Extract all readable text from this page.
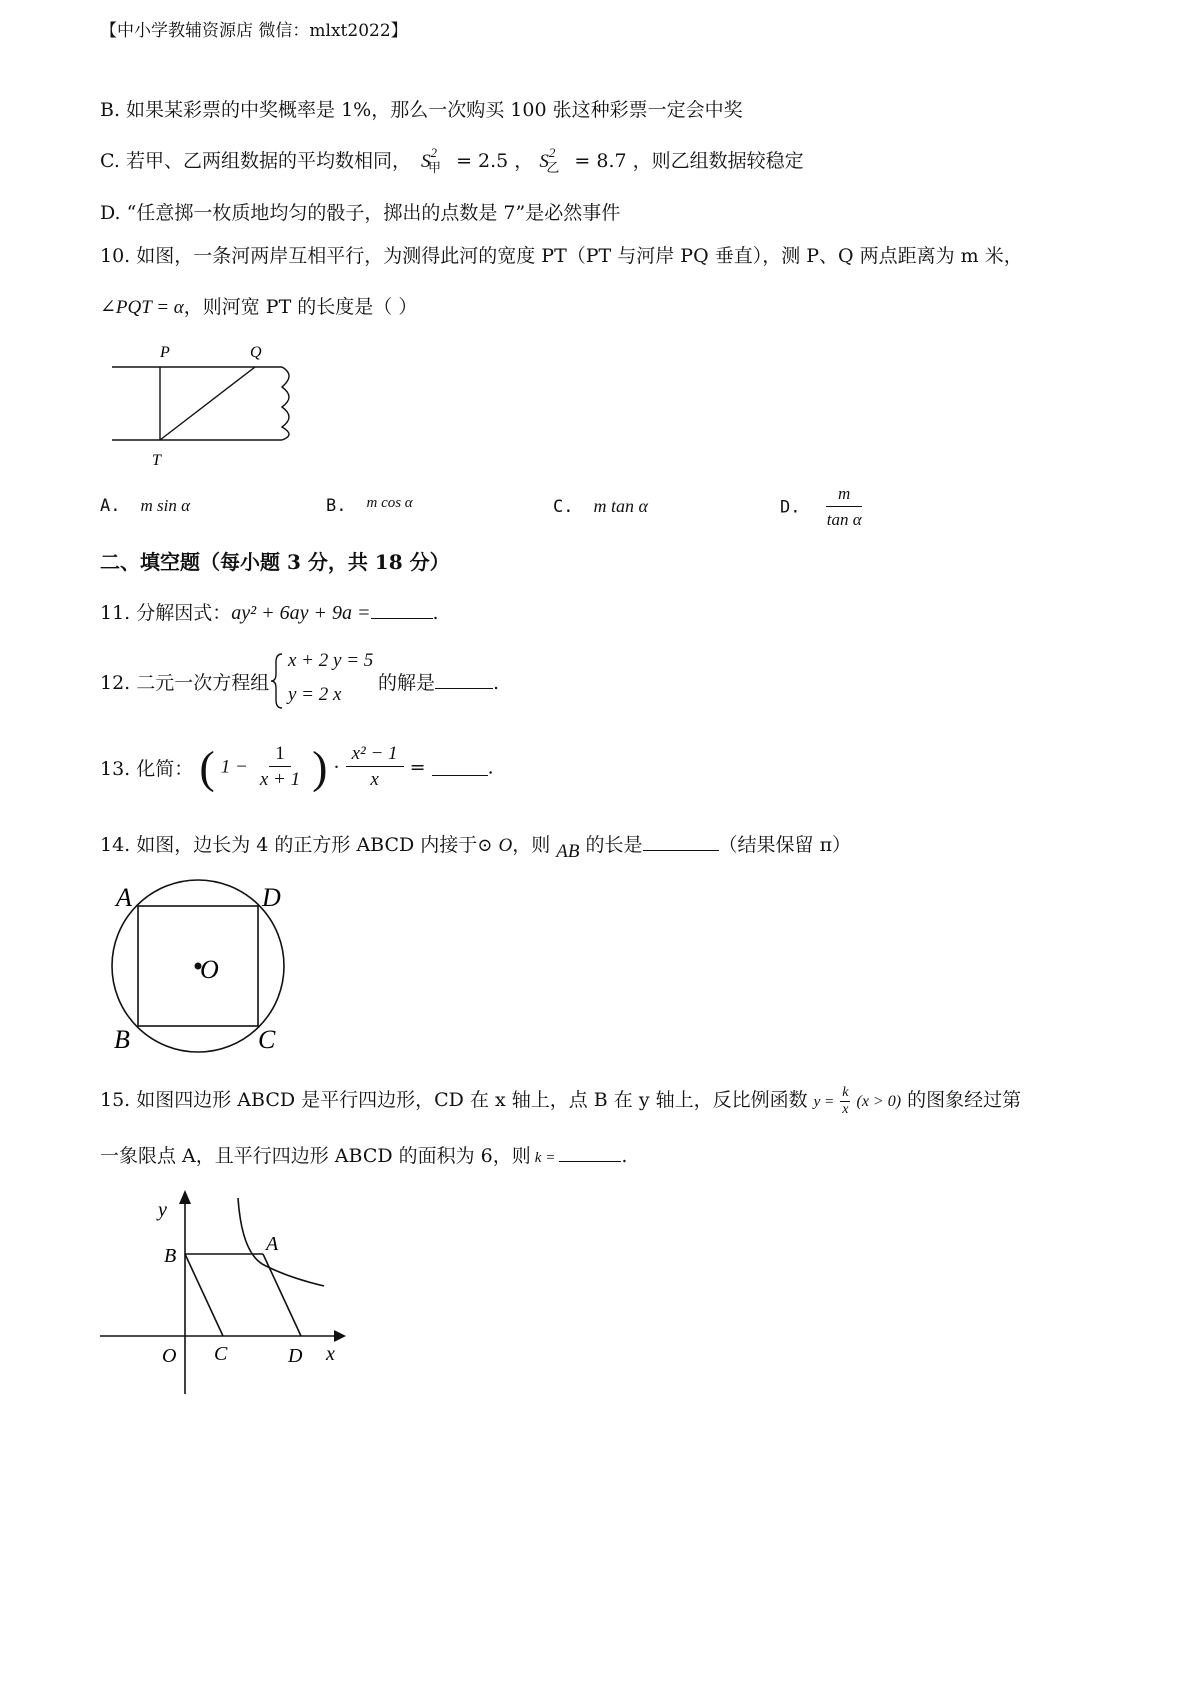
【中小学教辅资源店 微信：mlxt2022】
B. 如果某彩票的中奖概率是 1%，那么一次购买 100 张这种彩票一定会中奖
C. 若甲、乙两组数据的平均数相同， $S^2_甲 = 2.5$ ， $S^2_乙 = 8.7$ ，则乙组数据较稳定
D. “任意掷一枚质地均匀的骰子，掷出的点数是 7”是必然事件
10. 如图，一条河两岸互相平行，为测得此河的宽度 PT（PT 与河岸 PQ 垂直），测 P、Q 两点距离为 m 米，
∠PQT = α，则河宽 PT 的长度是（ ）
P	Q
T
A. m sin α	B. m cos α	C. m tan α	D. $\frac{m}{\text{tan α}}$
二、填空题（每小题 3 分，共 18 分）
11. 分解因式：ay² + 6ay + 9a =	.
12. 二元一次方程组
x + 2 y = 5
y = 2 x
的解是	.
13. 化简： ( $1 - \frac{1}{x + 1}$ ) · $\frac{\text{x² − 1}}{x}$ =	.
14. 如图，边长为 4 的正方形 ABCD 内接于⊙ O，则 AB 的长是	（结果保留 π）
A	D
B	C
O
15. 如图四边形 ABCD 是平行四边形，CD 在 x 轴上，点 B 在 y 轴上，反比例函数 $y = \frac{k}{x} (x > 0)$ 的图象经过第
一象限点 A，且平行四边形 ABCD 的面积为 6，则 k =	.
y
x
O
B
A
C	D
